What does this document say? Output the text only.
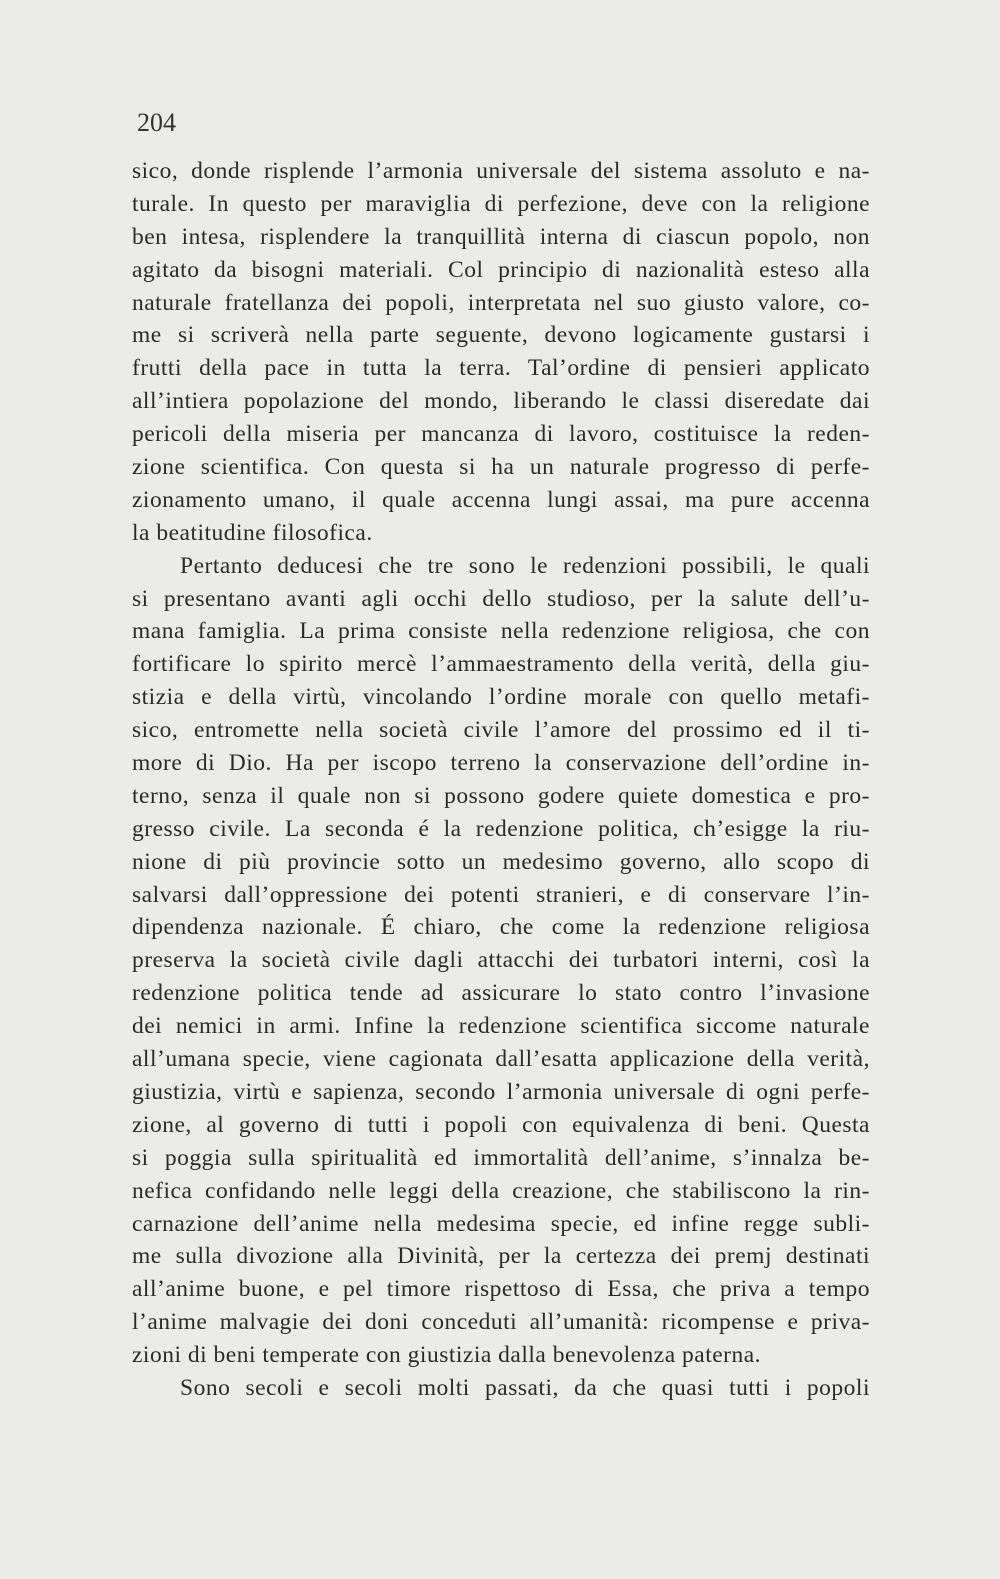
204
sico, donde risplende l’armonia universale del sistema assoluto e na-
turale. In questo per maraviglia di perfezione, deve con la religione
ben intesa, risplendere la tranquillità interna di ciascun popolo, non
agitato da bisogni materiali. Col principio di nazionalità esteso alla
naturale fratellanza dei popoli, interpretata nel suo giusto valore, co-
me si scriverà nella parte seguente, devono logicamente gustarsi i
frutti della pace in tutta la terra. Tal’ordine di pensieri applicato
all’intiera popolazione del mondo, liberando le classi diseredate dai
pericoli della miseria per mancanza di lavoro, costituisce la reden-
zione scientifica. Con questa si ha un naturale progresso di perfe-
zionamento umano, il quale accenna lungi assai, ma pure accenna
la beatitudine filosofica.
Pertanto deducesi che tre sono le redenzioni possibili, le quali
si presentano avanti agli occhi dello studioso, per la salute dell’u-
mana famiglia. La prima consiste nella redenzione religiosa, che con
fortificare lo spirito mercè l’ammaestramento della verità, della giu-
stizia e della virtù, vincolando l’ordine morale con quello metafi-
sico, entromette nella società civile l’amore del prossimo ed il ti-
more di Dio. Ha per iscopo terreno la conservazione dell’ordine in-
terno, senza il quale non si possono godere quiete domestica e pro-
gresso civile. La seconda é la redenzione politica, ch’esigge la riu-
nione di più provincie sotto un medesimo governo, allo scopo di
salvarsi dall’oppressione dei potenti stranieri, e di conservare l’in-
dipendenza nazionale. É chiaro, che come la redenzione religiosa
preserva la società civile dagli attacchi dei turbatori interni, così la
redenzione politica tende ad assicurare lo stato contro l’invasione
dei nemici in armi. Infine la redenzione scientifica siccome naturale
all’umana specie, viene cagionata dall’esatta applicazione della verità,
giustizia, virtù e sapienza, secondo l’armonia universale di ogni perfe-
zione, al governo di tutti i popoli con equivalenza di beni. Questa
si poggia sulla spiritualità ed immortalità dell’anime, s’innalza be-
nefica confidando nelle leggi della creazione, che stabiliscono la rin-
carnazione dell’anime nella medesima specie, ed infine regge subli-
me sulla divozione alla Divinità, per la certezza dei premj destinati
all’anime buone, e pel timore rispettoso di Essa, che priva a tempo
l’anime malvagie dei doni conceduti all’umanità: ricompense e priva-
zioni di beni temperate con giustizia dalla benevolenza paterna.
Sono secoli e secoli molti passati, da che quasi tutti i popoli
